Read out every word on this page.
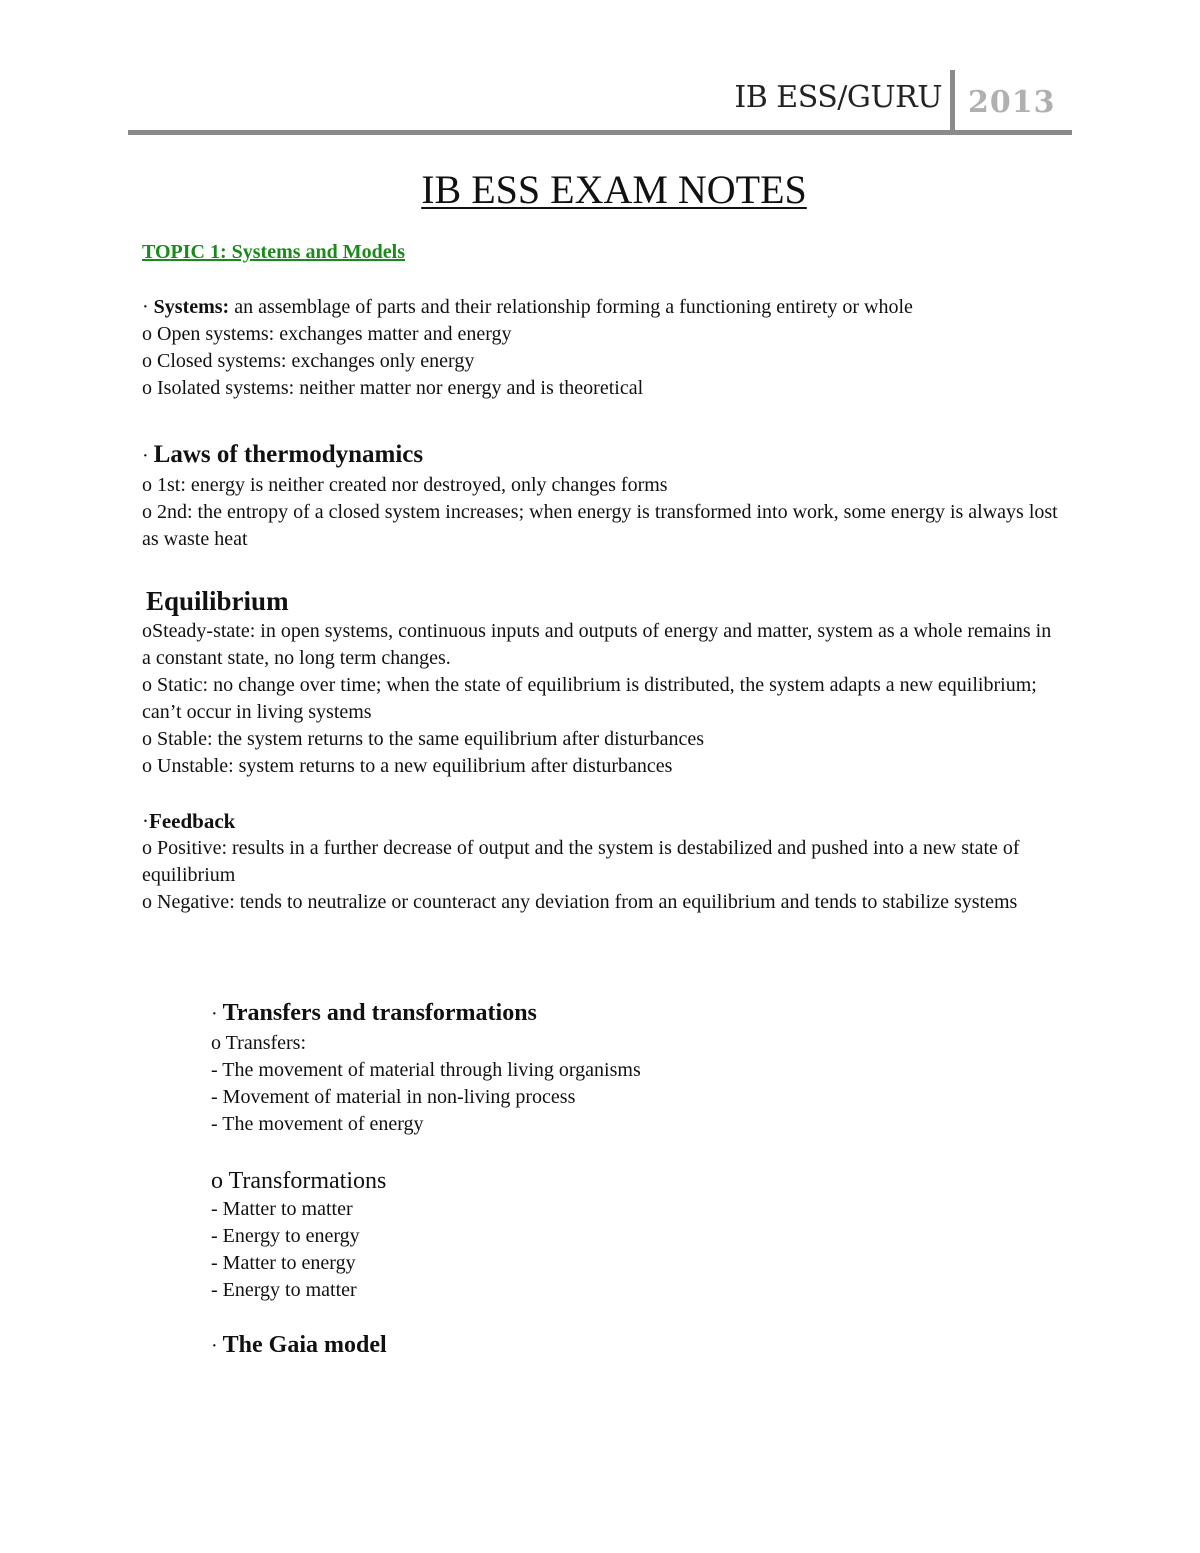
IB ESS/GURU 2013
IB ESS EXAM NOTES
TOPIC 1: Systems and Models

· Systems: an assemblage of parts and their relationship forming a functioning entirety or whole

o Open systems: exchanges matter and energy

o Closed systems: exchanges only energy

o Isolated systems: neither matter nor energy and is theoretical

· Laws of thermodynamics

o 1st: energy is neither created nor destroyed, only changes forms

o 2nd: the entropy of a closed system increases; when energy is transformed into work, some energy is always lost as waste heat

Equilibrium

oSteady-state: in open systems, continuous inputs and outputs of energy and matter, system as a whole remains in a constant state, no long term changes.

o Static: no change over time; when the state of equilibrium is distributed, the system adapts a new equilibrium; can’t occur in living systems

o Stable: the system returns to the same equilibrium after disturbances

o Unstable: system returns to a new equilibrium after disturbances

·Feedback

o Positive: results in a further decrease of output and the system is destabilized and pushed into a new state of equilibrium

o Negative: tends to neutralize or counteract any deviation from an equilibrium and tends to stabilize systems

· Transfers and transformations

o Transfers:

- The movement of material through living organisms

- Movement of material in non-living process

- The movement of energy

o Transformations

- Matter to matter

- Energy to energy

- Matter to energy

- Energy to matter

· The Gaia model
